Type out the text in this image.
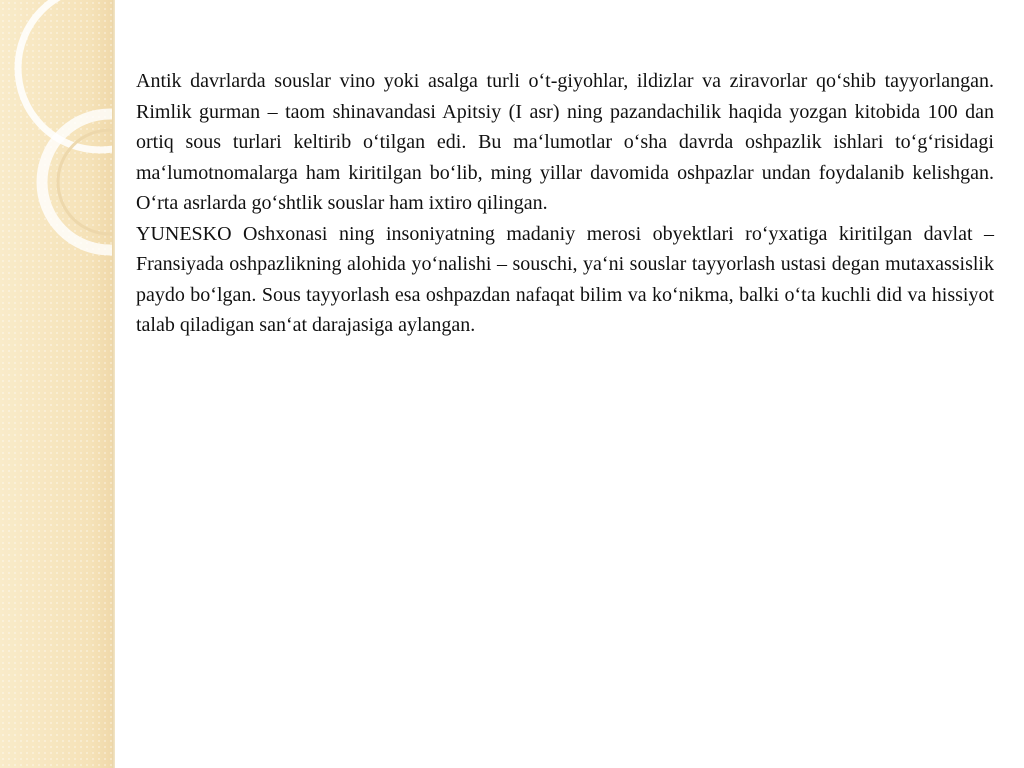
Antik davrlarda souslar vino yoki asalga turli o‘t-giyohlar, ildizlar va ziravorlar qo‘shib tayyorlangan. Rimlik gurman – taom shinavandasi Apitsiy (I asr) ning pazandachilik haqida yozgan kitobida 100 dan ortiq sous turlari keltirib o‘tilgan edi. Bu ma‘lumotlar o‘sha davrda oshpazlik ishlari to‘g‘risidagi ma‘lumotnomalarga ham kiritilgan bo‘lib, ming yillar davomida oshpazlar undan foydalanib kelishgan. O‘rta asrlarda go‘shtlik souslar ham ixtiro qilingan.

YUNESKO Oshxonasi ning insoniyatning madaniy merosi obyektlari ro‘yxatiga kiritilgan davlat – Fransiyada oshpazlikning alohida yo‘nalishi – souschi, ya‘ni souslar tayyorlash ustasi degan mutaxassislik paydo bo‘lgan. Sous tayyorlash esa oshpazdan nafaqat bilim va ko‘nikma, balki o‘ta kuchli did va hissiyot talab qiladigan san‘at darajasiga aylangan.
